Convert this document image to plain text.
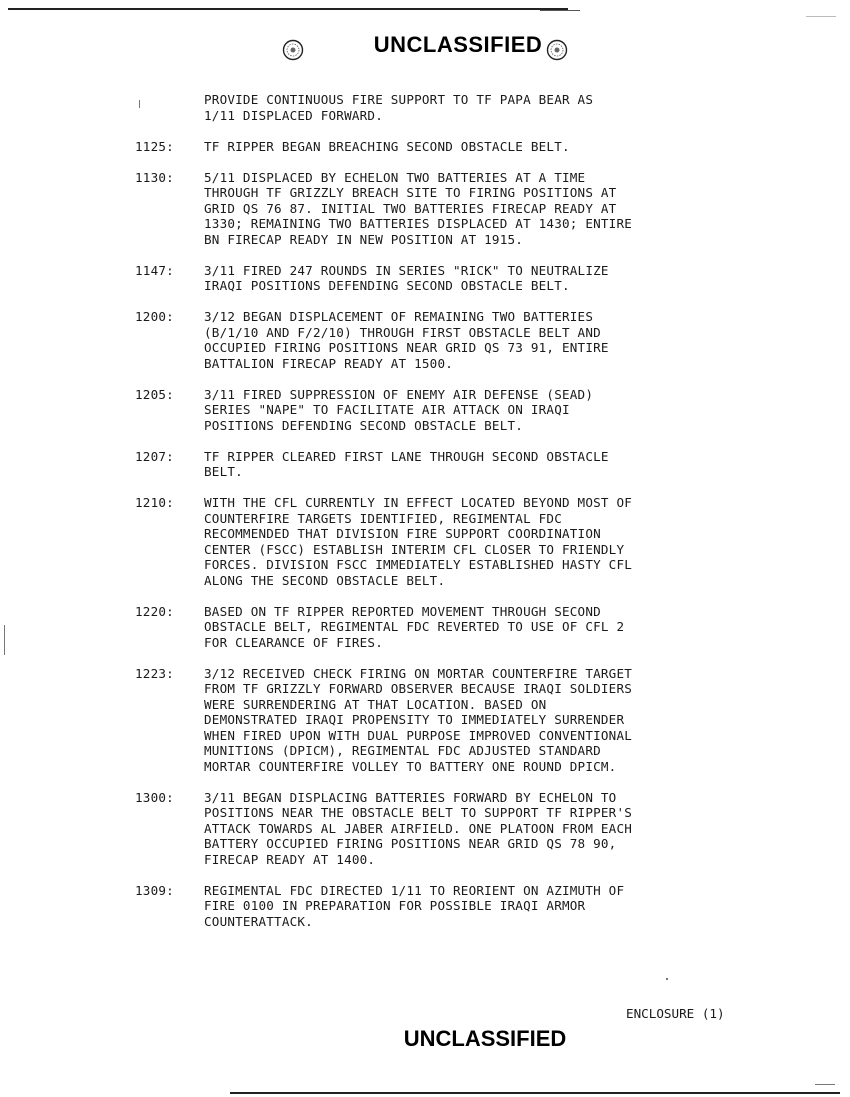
UNCLASSIFIED
PROVIDE CONTINUOUS FIRE SUPPORT TO TF PAPA BEAR AS
1/11 DISPLACED FORWARD.
1125:	TF RIPPER BEGAN BREACHING SECOND OBSTACLE BELT.
1130:	5/11 DISPLACED BY ECHELON TWO BATTERIES AT A TIME
THROUGH TF GRIZZLY BREACH SITE TO FIRING POSITIONS AT
GRID QS 76 87. INITIAL TWO BATTERIES FIRECAP READY AT
1330; REMAINING TWO BATTERIES DISPLACED AT 1430; ENTIRE
BN FIRECAP READY IN NEW POSITION AT 1915.
1147:	3/11 FIRED 247 ROUNDS IN SERIES "RICK" TO NEUTRALIZE
IRAQI POSITIONS DEFENDING SECOND OBSTACLE BELT.
1200:	3/12 BEGAN DISPLACEMENT OF REMAINING TWO BATTERIES
(B/1/10 AND F/2/10) THROUGH FIRST OBSTACLE BELT AND
OCCUPIED FIRING POSITIONS NEAR GRID QS 73 91, ENTIRE
BATTALION FIRECAP READY AT 1500.
1205:	3/11 FIRED SUPPRESSION OF ENEMY AIR DEFENSE (SEAD)
SERIES "NAPE" TO FACILITATE AIR ATTACK ON IRAQI
POSITIONS DEFENDING SECOND OBSTACLE BELT.
1207:	TF RIPPER CLEARED FIRST LANE THROUGH SECOND OBSTACLE
BELT.
1210:	WITH THE CFL CURRENTLY IN EFFECT LOCATED BEYOND MOST OF
COUNTERFIRE TARGETS IDENTIFIED, REGIMENTAL FDC
RECOMMENDED THAT DIVISION FIRE SUPPORT COORDINATION
CENTER (FSCC) ESTABLISH INTERIM CFL CLOSER TO FRIENDLY
FORCES. DIVISION FSCC IMMEDIATELY ESTABLISHED HASTY CFL
ALONG THE SECOND OBSTACLE BELT.
1220:	BASED ON TF RIPPER REPORTED MOVEMENT THROUGH SECOND
OBSTACLE BELT, REGIMENTAL FDC REVERTED TO USE OF CFL 2
FOR CLEARANCE OF FIRES.
1223:	3/12 RECEIVED CHECK FIRING ON MORTAR COUNTERFIRE TARGET
FROM TF GRIZZLY FORWARD OBSERVER BECAUSE IRAQI SOLDIERS
WERE SURRENDERING AT THAT LOCATION. BASED ON
DEMONSTRATED IRAQI PROPENSITY TO IMMEDIATELY SURRENDER
WHEN FIRED UPON WITH DUAL PURPOSE IMPROVED CONVENTIONAL
MUNITIONS (DPICM), REGIMENTAL FDC ADJUSTED STANDARD
MORTAR COUNTERFIRE VOLLEY TO BATTERY ONE ROUND DPICM.
1300:	3/11 BEGAN DISPLACING BATTERIES FORWARD BY ECHELON TO
POSITIONS NEAR THE OBSTACLE BELT TO SUPPORT TF RIPPER'S
ATTACK TOWARDS AL JABER AIRFIELD. ONE PLATOON FROM EACH
BATTERY OCCUPIED FIRING POSITIONS NEAR GRID QS 78 90,
FIRECAP READY AT 1400.
1309:	REGIMENTAL FDC DIRECTED 1/11 TO REORIENT ON AZIMUTH OF
FIRE 0100 IN PREPARATION FOR POSSIBLE IRAQI ARMOR
COUNTERATTACK.
ENCLOSURE (1)
UNCLASSIFIED
